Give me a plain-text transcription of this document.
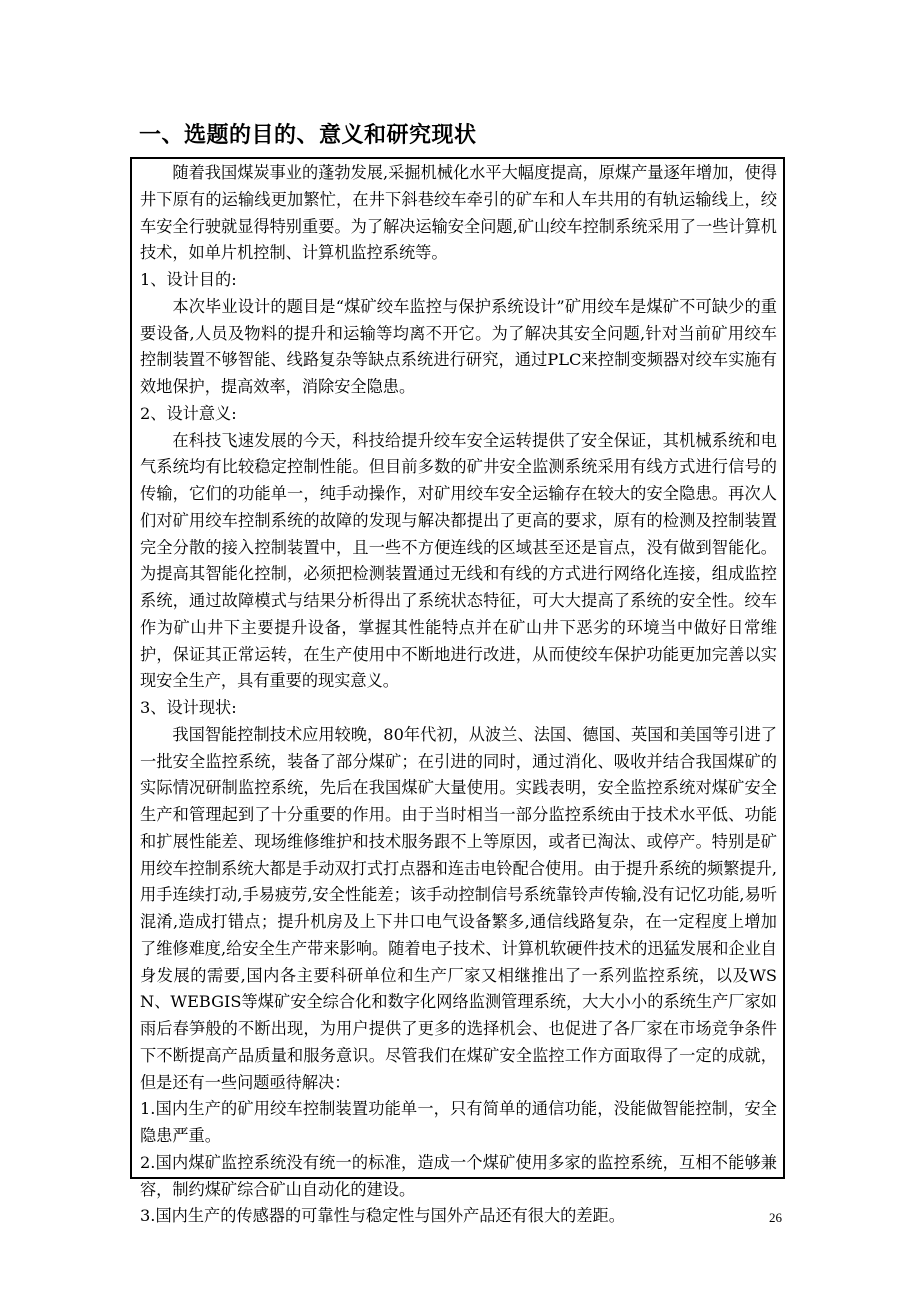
一、选题的目的、意义和研究现状

随着我国煤炭事业的蓬勃发展,采掘机械化水平大幅度提高，原煤产量逐年增加，使得井下原有的运输线更加繁忙，在井下斜巷绞车牵引的矿车和人车共用的有轨运输线上，绞车安全行驶就显得特别重要。为了解决运输安全问题,矿山绞车控制系统采用了一些计算机技术，如单片机控制、计算机监控系统等。

1、设计目的:

本次毕业设计的题目是“煤矿绞车监控与保护系统设计”矿用绞车是煤矿不可缺少的重要设备,人员及物料的提升和运输等均离不开它。为了解决其安全问题,针对当前矿用绞车控制装置不够智能、线路复杂等缺点系统进行研究，通过PLC来控制变频器对绞车实施有效地保护，提高效率，消除安全隐患。

2、设计意义:

在科技飞速发展的今天，科技给提升绞车安全运转提供了安全保证，其机械系统和电气系统均有比较稳定控制性能。但目前多数的矿井安全监测系统采用有线方式进行信号的传输，它们的功能单一，纯手动操作，对矿用绞车安全运输存在较大的安全隐患。再次人们对矿用绞车控制系统的故障的发现与解决都提出了更高的要求，原有的检测及控制装置完全分散的接入控制装置中，且一些不方便连线的区域甚至还是盲点，没有做到智能化。为提高其智能化控制，必须把检测装置通过无线和有线的方式进行网络化连接，组成监控系统，通过故障模式与结果分析得出了系统状态特征，可大大提高了系统的安全性。绞车作为矿山井下主要提升设备，掌握其性能特点并在矿山井下恶劣的环境当中做好日常维护，保证其正常运转，在生产使用中不断地进行改进，从而使绞车保护功能更加完善以实现安全生产，具有重要的现实意义。

3、设计现状:

我国智能控制技术应用较晚，80年代初，从波兰、法国、德国、英国和美国等引进了一批安全监控系统，装备了部分煤矿；在引进的同时，通过消化、吸收并结合我国煤矿的实际情况研制监控系统，先后在我国煤矿大量使用。实践表明，安全监控系统对煤矿安全生产和管理起到了十分重要的作用。由于当时相当一部分监控系统由于技术水平低、功能和扩展性能差、现场维修维护和技术服务跟不上等原因，或者已淘汰、或停产。特别是矿用绞车控制系统大都是手动双打式打点器和连击电铃配合使用。由于提升系统的频繁提升,用手连续打动,手易疲劳,安全性能差；该手动控制信号系统靠铃声传输,没有记忆功能,易听混淆,造成打错点；提升机房及上下井口电气设备繁多,通信线路复杂，在一定程度上增加了维修难度,给安全生产带来影响。随着电子技术、计算机软硬件技术的迅猛发展和企业自身发展的需要,国内各主要科研单位和生产厂家又相继推出了一系列监控系统，以及WSN、WEBGIS等煤矿安全综合化和数字化网络监测管理系统，大大小小的系统生产厂家如雨后春笋般的不断出现，为用户提供了更多的选择机会、也促进了各厂家在市场竞争条件下不断提高产品质量和服务意识。尽管我们在煤矿安全监控工作方面取得了一定的成就，但是还有一些问题亟待解决：

1.国内生产的矿用绞车控制装置功能单一，只有简单的通信功能，没能做智能控制，安全隐患严重。

2.国内煤矿监控系统没有统一的标准，造成一个煤矿使用多家的监控系统，互相不能够兼容，制约煤矿综合矿山自动化的建设。

3.国内生产的传感器的可靠性与稳定性与国外产品还有很大的差距。	26
